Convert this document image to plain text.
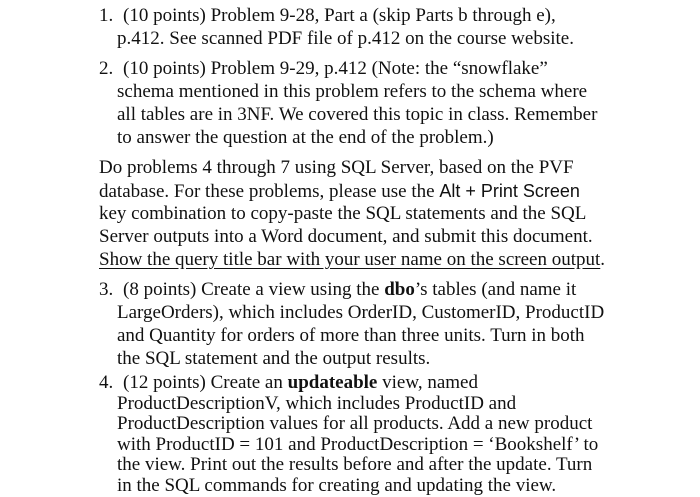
1. (10 points) Problem 9-28, Part a (skip Parts b through e),
p.412. See scanned PDF file of p.412 on the course website.
2. (10 points) Problem 9-29, p.412 (Note: the “snowflake”
schema mentioned in this problem refers to the schema where
all tables are in 3NF. We covered this topic in class. Remember
to answer the question at the end of the problem.)
Do problems 4 through 7 using SQL Server, based on the PVF
database. For these problems, please use the Alt + Print Screen
key combination to copy-paste the SQL statements and the SQL
Server outputs into a Word document, and submit this document.
Show the query title bar with your user name on the screen output.
3. (8 points) Create a view using the dbo’s tables (and name it
LargeOrders), which includes OrderID, CustomerID, ProductID
and Quantity for orders of more than three units. Turn in both
the SQL statement and the output results.
4. (12 points) Create an updateable view, named
ProductDescriptionV, which includes ProductID and
ProductDescription values for all products. Add a new product
with ProductID = 101 and ProductDescription = ‘Bookshelf’ to
the view. Print out the results before and after the update. Turn
in the SQL commands for creating and updating the view.
